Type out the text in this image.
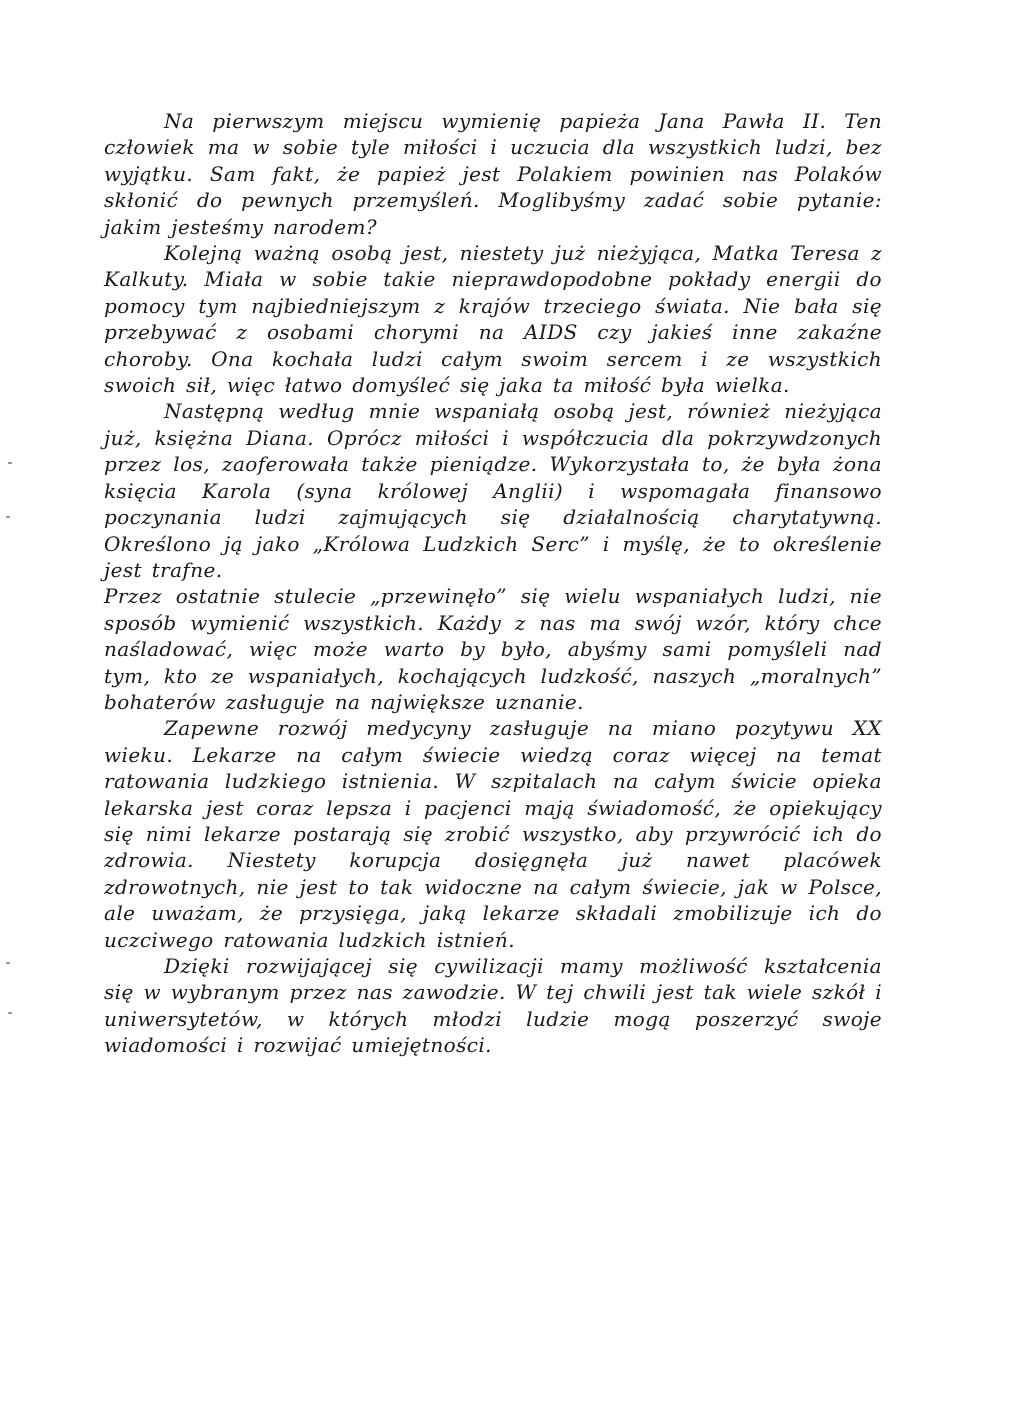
Na pierwszym miejscu wymienię papieża Jana Pawła II. Ten człowiek ma w sobie tyle miłości i uczucia dla wszystkich ludzi, bez wyjątku. Sam fakt, że papież jest Polakiem powinien nas Polaków skłonić do pewnych przemyśleń. Moglibyśmy zadać sobie pytanie: jakim jesteśmy narodem?

Kolejną ważną osobą jest, niestety już nieżyjąca, Matka Teresa z Kalkuty. Miała w sobie takie nieprawdopodobne pokłady energii do pomocy tym najbiedniejszym z krajów trzeciego świata. Nie bała się przebywać z osobami chorymi na AIDS czy jakieś inne zakaźne choroby. Ona kochała ludzi całym swoim sercem i ze wszystkich swoich sił, więc łatwo domyśleć się jaka ta miłość była wielka.

Następną według mnie wspaniałą osobą jest, również nieżyjąca już, księżna Diana. Oprócz miłości i współczucia dla pokrzywdzonych przez los, zaoferowała także pieniądze. Wykorzystała to, że była żona księcia Karola (syna królowej Anglii) i wspomagała finansowo poczynania ludzi zajmujących się działalnością charytatywną. Określono ją jako „Królowa Ludzkich Serc” i myślę, że to określenie jest trafne.

Przez ostatnie stulecie „przewinęło” się wielu wspaniałych ludzi, nie sposób wymienić wszystkich. Każdy z nas ma swój wzór, który chce naśladować, więc może warto by było, abyśmy sami pomyśleli nad tym, kto ze wspaniałych, kochających ludzkość, naszych „moralnych” bohaterów zasługuje na największe uznanie.

Zapewne rozwój medycyny zasługuje na miano pozytywu XX wieku. Lekarze na całym świecie wiedzą coraz więcej na temat ratowania ludzkiego istnienia. W szpitalach na całym świcie opieka lekarska jest coraz lepsza i pacjenci mają świadomość, że opiekujący się nimi lekarze postarają się zrobić wszystko, aby przywrócić ich do zdrowia. Niestety korupcja dosięgnęła już nawet placówek zdrowotnych, nie jest to tak widoczne na całym świecie, jak w Polsce, ale uważam, że przysięga, jaką lekarze składali zmobilizuje ich do uczciwego ratowania ludzkich istnień.

Dzięki rozwijającej się cywilizacji mamy możliwość kształcenia się w wybranym przez nas zawodzie. W tej chwili jest tak wiele szkół i uniwersytetów, w których młodzi ludzie mogą poszerzyć swoje wiadomości i rozwijać umiejętności.
